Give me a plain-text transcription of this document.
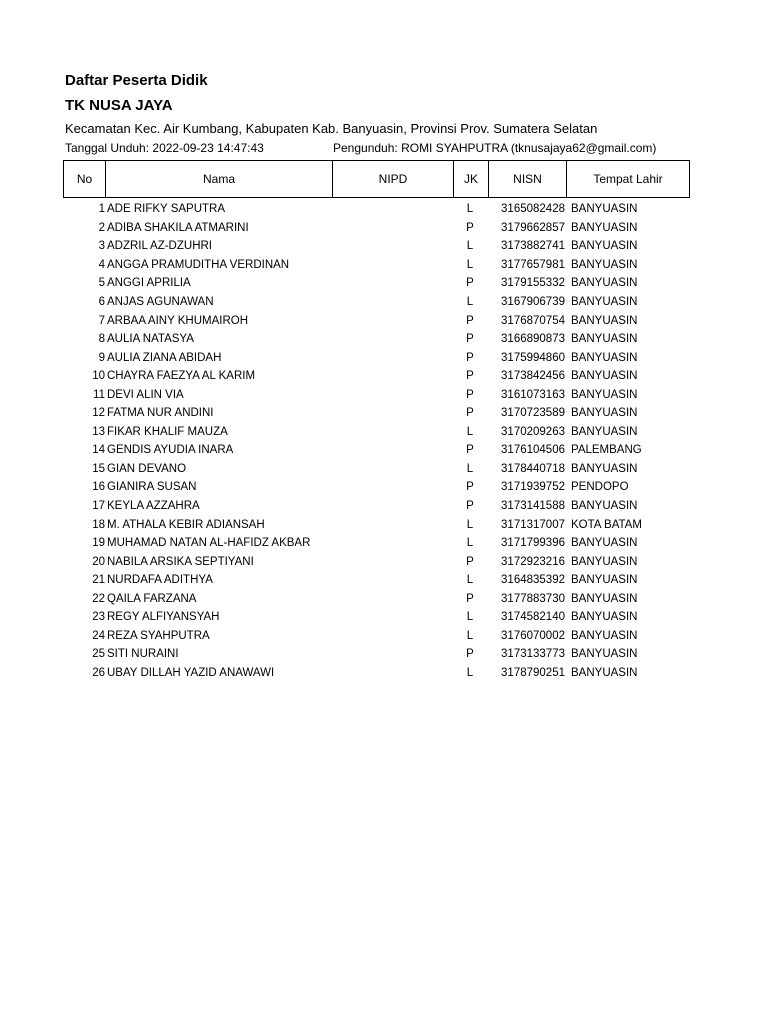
Daftar Peserta Didik
TK NUSA JAYA
Kecamatan Kec. Air Kumbang, Kabupaten Kab. Banyuasin, Provinsi Prov. Sumatera Selatan
Tanggal Unduh: 2022-09-23 14:47:43	Pengunduh: ROMI SYAHPUTRA (tknusajaya62@gmail.com)
No	Nama	NIPD	JK	NISN	Tempat Lahir
1	ADE RIFKY SAPUTRA		L	3165082428	BANYUASIN
2	ADIBA SHAKILA ATMARINI		P	3179662857	BANYUASIN
3	ADZRIL AZ-DZUHRI		L	3173882741	BANYUASIN
4	ANGGA PRAMUDITHA VERDINAN		L	3177657981	BANYUASIN
5	ANGGI APRILIA		P	3179155332	BANYUASIN
6	ANJAS AGUNAWAN		L	3167906739	BANYUASIN
7	ARBAA AINY KHUMAIROH		P	3176870754	BANYUASIN
8	AULIA NATASYA		P	3166890873	BANYUASIN
9	AULIA ZIANA ABIDAH		P	3175994860	BANYUASIN
10	CHAYRA FAEZYA AL KARIM		P	3173842456	BANYUASIN
11	DEVI ALIN VIA		P	3161073163	BANYUASIN
12	FATMA NUR ANDINI		P	3170723589	BANYUASIN
13	FIKAR KHALIF MAUZA		L	3170209263	BANYUASIN
14	GENDIS AYUDIA INARA		P	3176104506	PALEMBANG
15	GIAN DEVANO		L	3178440718	BANYUASIN
16	GIANIRA SUSAN		P	3171939752	PENDOPO
17	KEYLA AZZAHRA		P	3173141588	BANYUASIN
18	M. ATHALA KEBIR ADIANSAH		L	3171317007	KOTA BATAM
19	MUHAMAD NATAN AL-HAFIDZ AKBAR		L	3171799396	BANYUASIN
20	NABILA ARSIKA SEPTIYANI		P	3172923216	BANYUASIN
21	NURDAFA ADITHYA		L	3164835392	BANYUASIN
22	QAILA FARZANA		P	3177883730	BANYUASIN
23	REGY ALFIYANSYAH		L	3174582140	BANYUASIN
24	REZA SYAHPUTRA		L	3176070002	BANYUASIN
25	SITI NURAINI		P	3173133773	BANYUASIN
26	UBAY DILLAH YAZID ANAWAWI		L	3178790251	BANYUASIN
